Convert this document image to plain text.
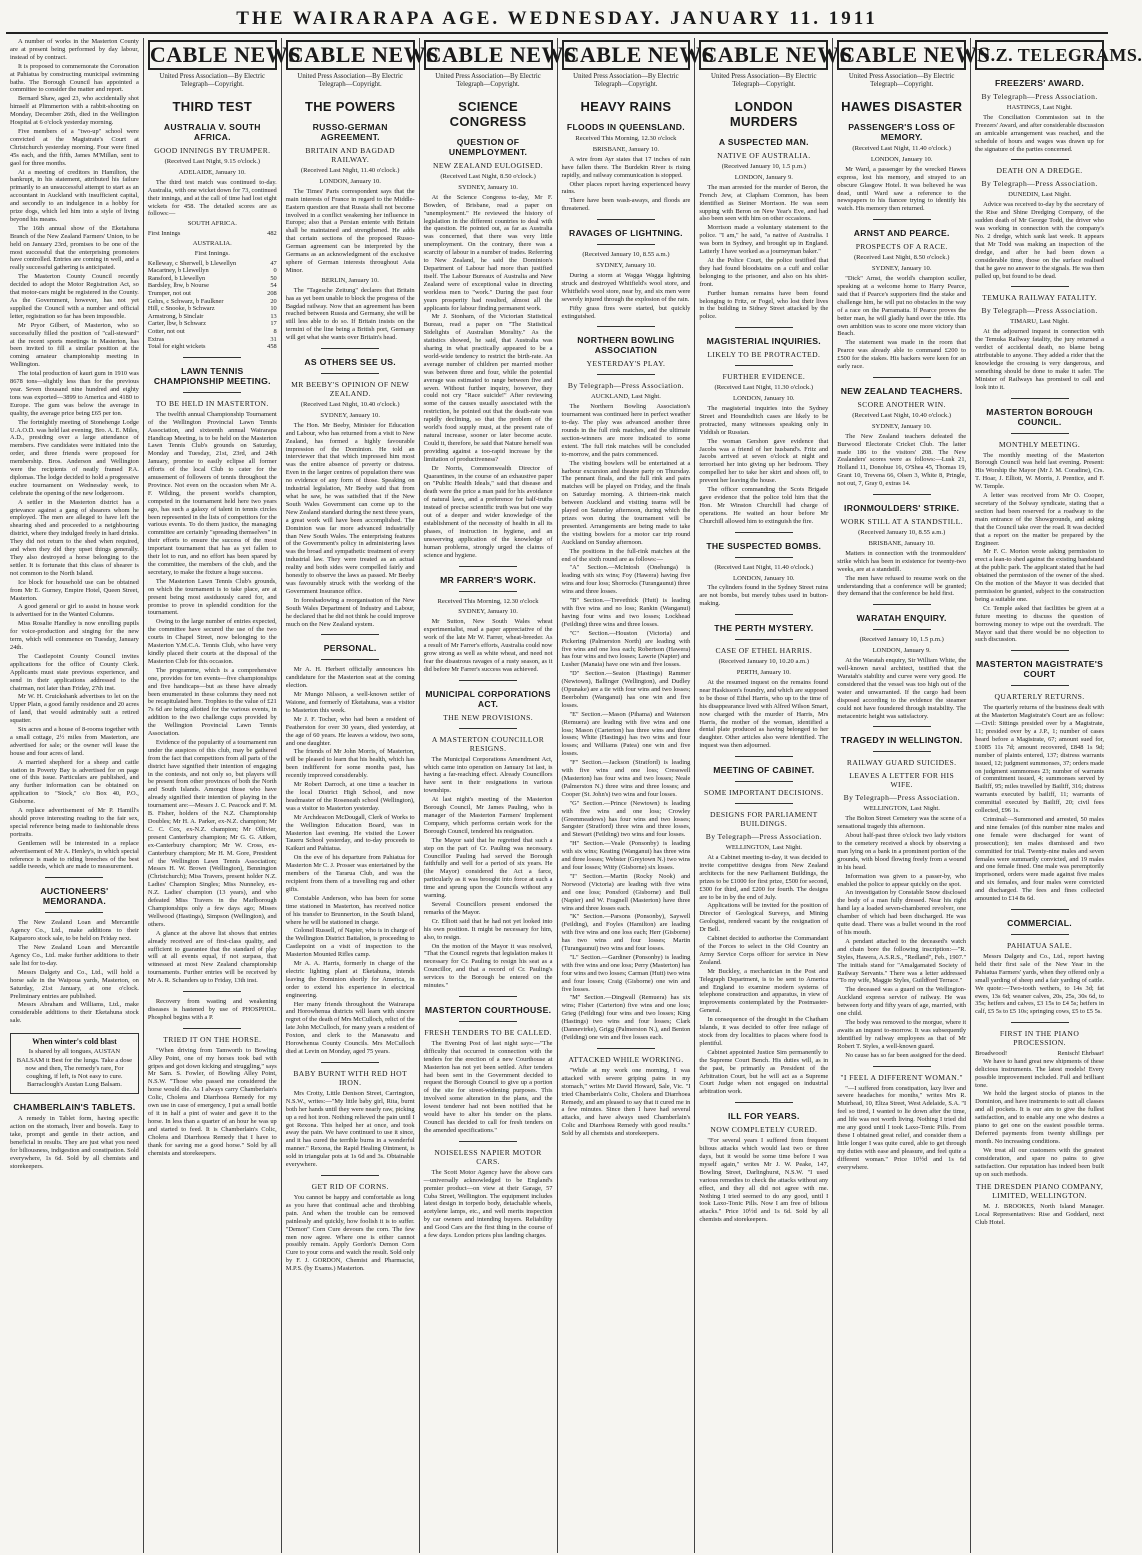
THE WAIRARAPA AGE. WEDNESDAY. JANUARY 11. 1911

A number of works in the Masterton County are at present being performed by day labour, instead of by contract.

It is proposed to commemorate the Coronation at Pahiatua by constructing municipal swimming baths. The Borough Council has appointed a committee to consider the matter and report.

Bernard Shaw, aged 23, who accidentally shot himself at Plimmerton with a rabbit-shooting on Monday, December 26th, died in the Wellington Hospital at 6 o'clock yesterday morning.

Five members of a "two-up" school were convicted at the Magistrate's Court at Christchurch yesterday morning. Four were fined 45s each, and the fifth, James M'Millan, sent to gaol for three months.

At a meeting of creditors in Hamilton, the bankrupt, in his statement, attributed his failure primarily to an unsuccessful attempt to start as an accountant in Auckland with insufficient capital, and secondly to an indulgence in a hobby for prize dogs, which led him into a style of living beyond his means.

The 16th annual show of the Eketahuna Branch of the New Zealand Farmers' Union, to be held on January 23rd, promises to be one of the most successful that the enterprising promoters have controlled. Entries are coming in well, and a really successful gathering is anticipated.

The Masterton County Council recently decided to adopt the Motor Registration Act, so that motor-cars might be registered in the County. As the Government, however, has not yet supplied the Council with a number and official letter, registration so far has been impossible.

Mr Pryor Gilbert, of Masterton, who so successfully filled the position of "call-steward" at the recent sports meetings in Masterton, has been invited to fill a similar position at the coming amateur championship meeting in Wellington.

The total production of kauri gum in 1910 was 8678 tons—slightly less than for the previous year. Seven thousand nine hundred and eighty tons was exported—3899 to America and 4180 to Europe. The gum was below the average in quality, the average price being £65 per ton.

The fortnightly meeting of Stonehenge Lodge U.A.O.D. was held last evening, Bro. A. E. Miles, A.D., presiding over a large attendance of members. Five candidates were initiated into the order, and three friends were proposed for membership. Bros. Anderson and Wellington were the recipients of neatly framed P.A. diplomas. The lodge decided to hold a progressive euchre tournament on Wednesday week, to celebrate the opening of the new lodgeroom.

A settler in the Masterton district has a grievance against a gang of shearers whom he employed. The men are alleged to have left the shearing shed and proceeded to a neighbouring district, where they indulged freely in hard drinks. They did not return to the shed when required, and when they did they upset things generally. They also destroyed a horse belonging to the settler. It is fortunate that this class of shearer is not common to the North Island.

Ice block for household use can be obtained from Mr E. Gurney, Empire Hotel, Queen Street, Masterton.

A good general or girl to assist in house work is advertised for in the Wanted Columns.

Miss Rosalie Handley is now enrolling pupils for voice-production and singing for the new term, which will commence on Tuesday, January 24th.

The Castlepoint County Council invites applications for the office of County Clerk. Applicants must state previous experience, and send in their applications addressed to the chairman, not later than Friday, 27th inst.

Mr W. H. Cruickshank advertises to let on the Upper Plain, a good family residence and 20 acres of land, that would admirably suit a retired squatter.

Six acres and a house of 8-rooms together with a small cottage, 2½ miles from Masterton, are advertised for sale; or the owner will lease the house and four acres of land.

A married shepherd for a sheep and cattle station in Poverty Bay is advertised for on page one of this issue. Particulars are published, and any further information can be obtained on application to "Stock," c/o Box 40, P.O., Gisborne.

A replace advertisement of Mr P. Hamill's should prove interesting reading to the fair sex, special reference being made to fashionable dress portraits.

Gentlemen will be interested in a replace advertisement of Mr A. Henley's, in which special reference is made to riding breeches of the best saddle tweeds, which are made to measurement.

AUCTIONEERS' MEMORANDA.

The New Zealand Loan and Mercantile Agency Co., Ltd., make additions to their Kaiparoro stock sale, to be held on Friday next.

The New Zealand Loan and Mercantile Agency Co., Ltd. make further additions to their sale list for to-day.

Messrs Dalgety and Co., Ltd., will hold a horse sale in the Waipoua yards, Masterton, on Saturday, 21st January, at one o'clock. Preliminary entries are published.

Messrs Abraham and Williams, Ltd., make considerable additions to their Eketahuna stock sale.

When winter's cold blast
Is shared by all tongues, AUSTAN BALSAM it Best for the lungs. Take a dose now and then, The remedy's rare, For coughing, if left, is Not easy to cure. Barraclough's Austan Lung Balsam.
CHAMBERLAIN'S TABLETS.

A remedy in Tablet form, having specific action on the stomach, liver and bowels. Easy to take, prompt and gentle in their action, and beneficial in results. They are just what you need for biliousness, indigestion and constipation. Sold everywhere, 1s 6d. Sold by all chemists and storekeepers.

CABLE NEWS
United Press Association—By Electric Telegraph—Copyright.
THIRD TEST
AUSTRALIA V. SOUTH AFRICA.
GOOD INNINGS BY TRUMPER.
(Received Last Night, 9.15 o'clock.)
ADELAIDE, January 10.

The third test match was continued to-day. Australia, with one wicket down for 73, continued their innings, and at the call of time had lost eight wickets for 458. The detailed scores are as follows:—

SOUTH AFRICA.
First Innings	482
AUSTRALIA.
First Innings.
Kelleway, c Sherwell, b Llewellyn	47
Macartney, b Llewellyn	0
Ransford, b Llewellyn	50
Bardsley, lbw, b Nourse	54
Trumper, not out	208
Gehrs, c Schwarz, b Faulkner	20
Hill, c Snooke, b Schwarz	10
Armstrong, b Sinclair	13
Carter, lbw, b Schwarz	17
Cotter, not out	8
Extras	31
Total for eight wickets	458
LAWN TENNIS CHAMPIONSHIP MEETING.
TO BE HELD IN MASTERTON.

The twelfth annual Championship Tournament of the Wellington Provincial Lawn Tennis Association, and sixteenth annual Wairarapa Handicap Meeting, is to be held on the Masterton Lawn Tennis Club's grounds on Saturday, Monday and Tuesday, 21st, 23rd, and 24th January, promise to easily eclipse all former efforts of the local Club to cater for the amusement of followers of tennis throughout the Province. Not even on the occasion when Mr A. F. Wilding, the present world's champion, competed in the tournament held here two years ago, has such a galaxy of talent in tennis circles been represented in the lists of competitors for the various events. To do them justice, the managing committee are certainly "spreading themselves" in their efforts to ensure the success of the most important tournament that has as yet fallen to their lot to run, and no effort has been spared by the committee, the members of the club, and the secretary, to make the fixture a huge success.

The Masterton Lawn Tennis Club's grounds, on which the tournament is to take place, are at present being most assiduously cared for, and promise to prove in splendid condition for the tournament.

Owing to the large number of entries expected, the committee have secured the use of the two courts in Chapel Street, now belonging to the Masterton Y.M.C.A. Tennis Club, who have very kindly placed their courts at the disposal of the Masterton Club for this occasion.

The programme, which is a comprehensive one, provides for ten events—five championships and five handicaps—but as these have already been enumerated in these columns they need not be recapitulated here. Trophies to the value of £21 7s 6d are being allotted for the various events, in addition to the two challenge cups provided by the Wellington Provincial Lawn Tennis Association.

Evidence of the popularity of a tournament run under the auspices of this club, may be gathered from the fact that competitors from all parts of the district have signified their intention of engaging in the contests, and not only so, but players will be present from other provinces of both the North and South Islands. Amongst those who have already signified their intention of playing in the tournament are:—Messrs J. C. Peacock and F. M. B. Fisher, holders of the N.Z. Championship Doubles; Mr H. A. Parker, ex-N.Z. champion; Mr C. C. Cox, ex-N.Z. champion; Mr Ollivier, present Canterbury champion; Mr G. G. Aitken, ex-Canterbury champion; Mr W. Cross, ex-Canterbury champion; Mr H. M. Gore, President of the Wellington Lawn Tennis Association; Messrs H. W. Brown (Wellington), Bennington (Christchurch); Miss Travers, present holder N.Z. Ladies' Champion Singles; Miss Nunneley, ex-N.Z. Ladies' champion (13 years), and who defeated Miss Travers in the Marlborough Championships only a few days ago; Misses Wellwood (Hastings), Simpson (Wellington), and others.

A glance at the above list shows that entries already received are of first-class quality, and sufficient to guarantee that the standard of play will at all events equal, if not surpass, that witnessed at most New Zealand championship tournaments. Further entries will be received by Mr A. R. Schanders up to Friday, 13th inst.

Recovery from wasting and weakening diseases is hastened by use of PHOSPHOL. Phosphol begins with a P.

TRIED IT ON THE HORSE.

"When driving from Tamworth to Bowling Alley Point, one of my horses took bad with gripes and got down kicking and struggling," says Mr Sam. S. Fowler, of Bowling Alley Point, N.S.W. "Those who passed me considered the horse would die. As I always carry Chamberlain's Colic, Cholera and Diarrhoea Remedy for my own use in case of emergency, I put a small bottle of it in half a pint of water and gave it to the horse. In less than a quarter of an hour he was up and started to feed. It is Chamberlain's Colic, Cholera and Diarrhoea Remedy that I have to thank for saving me a good horse." Sold by all chemists and storekeepers.

CABLE NEWS
United Press Association—By Electric Telegraph—Copyright.
THE POWERS
RUSSO-GERMAN AGREEMENT.
BRITAIN AND BAGDAD RAILWAY.
(Received Last Night, 11.40 o'clock.)
LONDON, January 10.

The Times' Paris correspondent says that the main interests of France in regard to the Middle-Eastern question are that Russia shall not become involved in a conflict weakening her influence in Europe; also that a Persian entente with Britain shall be maintained and strengthened. He adds that certain sections of the proposed Russo-German agreement can be interpreted by the Germans as an acknowledgment of the exclusive sphere of German interests throughout Asia Minor.

BERLIN, January 10.

The "Tagesche Zeitung" declares that Britain has as yet been unable to block the progress of the Bagdad railway. Now that an agreement has been reached between Russia and Germany, she will be still less able to do so. If Britain insists on the termini of the line being a British port, Germany will get what she wants over Britain's head.

AS OTHERS SEE US.
MR BEEBY'S OPINION OF NEW ZEALAND.
(Received Last Night, 10.40 o'clock.)
SYDNEY, January 10.

The Hon. Mr Beeby, Minister for Education and Labour, who has returned from a visit to New Zealand, has formed a highly favourable impression of the Dominion. He told an interviewer that that which impressed him most was the entire absence of poverty or distress. Even in the larger centres of population there was no evidence of any form of those. Speaking on industrial legislation, Mr Beeby said that from what he saw, he was satisfied that if the New South Wales Government can come up to the New Zealand standard during the next three years, a great work will have been accomplished. The Dominion was far more advanced industrially than New South Wales. The enterprising features of the Government's policy in administering laws was the broad and sympathetic treatment of every industrial law. They were treated as an actual reality and both sides were compelled fairly and honestly to observe the laws as passed. Mr Beeby was favourably struck with the working of the Government Insurance office.

In foreshadowing a reorganisation of the New South Wales Department of Industry and Labour, he declared that he did not think he could improve much on the New Zealand system.

PERSONAL.

Mr A. H. Herbert officially announces his candidature for the Masterton seat at the coming election.

Mr Mungo Nilsson, a well-known settler of Waione, and formerly of Eketahuna, was a visitor to Masterton this week.

Mr J. F. Tocher, who had been a resident of Featherston for over 30 years, died yesterday, at the age of 60 years. He leaves a widow, two sons, and one daughter.

The friends of Mr John Morris, of Masterton, will be pleased to learn that his health, which has been indifferent for some months past, has recently improved considerably.

Mr Robert Darroch, at one time a teacher in the local District High School, and now headmaster of the Roseneath school (Wellington), was a visitor to Masterton yesterday.

Mr Archdeacon McDougall, Clerk of Works to the Wellington Education Board, was in Masterton last evening. He visited the Lower Taueru School yesterday, and to-day proceeds to Kaikuri and Pahiatua.

On the eve of his departure from Pahiatua for Masterton Mr C. J. Prosser was entertained by the members of the Tararua Club, and was the recipient from them of a travelling rug and other gifts.

Constable Anderson, who has been for some time stationed in Masterton, has received notice of his transfer to Brunnerton, in the South Island, where he will be stationed in charge.

Colonel Russell, of Napier, who is in charge of the Wellington District Battalion, is proceeding to Castlepoint on a visit of inspection to the Masterton Mounted Rifles camp.

Mr A. A. Harris, formerly in charge of the electric lighting plant at Eketahuna, intends leaving the Dominion shortly for America, in order to extend his experience in electrical engineering.

Her many friends throughout the Wairarapa and Horowhenua districts will learn with sincere regret of the death of Mrs McCulloch, relict of the late John McCulloch, for many years a resident of Foxton, and clerk to the Manawatu and Horowhenua County Councils. Mrs McCulloch died at Levin on Monday, aged 75 years.

BABY BURNT WITH RED HOT IRON.

Mrs Crotty, Little Denison Street, Carrington, N.S.W., writes:—"My little baby girl, Rita, burnt both her hands until they were nearly raw, picking up a red hot iron. Nothing relieved the pain until I got Rexona. This helped her at once, and took away the pain. We have continued to use it since, and it has cured the terrible burns in a wonderful manner." Rexona, the Rapid Healing Ointment, is sold in triangular pots at 1s 6d and 3s. Obtainable everywhere.

GET RID OF CORNS.

You cannot be happy and comfortable as long as you have that continual ache and throbbing pain. And when the trouble can be removed painlessly and quickly, how foolish it is to suffer. "Demon" Corn Cure devours the corn. The few men now agree. Where one is either cannot possibly remain. Apply Gordon's Demon Corn Cure to your corns and watch the result. Sold only by F. J. GORDON, Chemist and Pharmacist, M.P.S. (by Exams.) Masterton.

CABLE NEWS
United Press Association—By Electric Telegraph—Copyright.
SCIENCE CONGRESS
QUESTION OF UNEMPLOYMENT.
NEW ZEALAND EULOGISED.
(Received Last Night, 8.50 o'clock.)
SYDNEY, January 10.

At the Science Congress to-day, Mr F. Bowden, of Brisbane, read a paper on "unemployment." He reviewed the history of legislation in the different countries to deal with the question. He pointed out, as far as Australia was concerned, that there was very little unemployment. On the contrary, there was a scarcity of labour in a number of trades. Referring to New Zealand, he said the Dominion's Department of Labour had more than justified itself. The Labour Bureaux of Australia and New Zealand were of exceptional value in directing workless men to "work." During the past four years prosperity had resulted, almost all the applicants for labour finding permanent work.

Mr J. Stonham, of the Victorian Statistical Bureau, read a paper on "The Statistical Sidelights of Australian Morality." As the statistics showed, he said, that Australia was sharing in what practically appeared to be a world-wide tendency to restrict the birth-rate. An average number of children per married mother was between three and four, while the potential average was estimated to range between five and seven. Without further inquiry, however, they could not cry "Race suicide!" After reviewing some of the causes usually associated with the restriction, he pointed out that the death-rate was rapidly declining, so that the problem of the world's food supply must, at the present rate of natural increase, sooner or later become acute. Could it, therefore, be said that Nature herself was providing against a too-rapid increase by the limitation of productiveness?

Dr Norris, Commonwealth Director of Quarantines, in the course of an exhaustive paper on "Public Health Ideals," said that disease and death were the price a man paid for his avoidance of natural laws, and a preference for half-truths instead of precise scientific truth was but one way out of a deeper and wider knowledge of the establishment of the necessity of health in all its phases, of instruction in hygiene, and an unswerving application of the knowledge of human problems, strongly urged the claims of science and hygiene.

MR FARRER'S WORK.
Received This Morning, 12.30 o'clock
SYDNEY, January 10.

Mr Sutton, New South Wales wheat experimentalist, read a paper appreciative of the work of the late Mr W. Farrer, wheat-breeder. As a result of Mr Farrer's efforts, Australia could now grow strong as well as white wheat, and need not fear the disastrous ravages of a rusty season, as it did before Mr Farrer's success was achieved.

MUNICIPAL CORPORATIONS ACT.
THE NEW PROVISIONS.
A MASTERTON COUNCILLOR RESIGNS.

The Municipal Corporations Amendment Act, which came into operation on January 1st last, is having a far-reaching effect. Already Councillors have sent in their resignations in various townships.

At last night's meeting of the Masterton Borough Council, Mr James Pauling, who is manager of the Masterton Farmers' Implement Company, which performs certain work for the Borough Council, tendered his resignation.

The Mayor said that he regretted that such a step on the part of Cr. Pauling was necessary. Councillor Pauling had served the Borough faithfully and well for a period of six years. He (the Mayor) considered the Act a farce, particularly as it was brought into force at such a time and sprung upon the Councils without any warning.

Several Councillors present endorsed the remarks of the Mayor.

Cr. Elliott said that he had not yet looked into his own position. It might be necessary for him, also, to resign.

On the motion of the Mayor it was resolved, "That the Council regrets that legislation makes it necessary for Cr. Pauling to resign his seat as a Councillor, and that a record of Cr. Pauling's services to the Borough be entered on the minutes."

MASTERTON COURTHOUSE.
FRESH TENDERS TO BE CALLED.

The Evening Post of last night says:—"The difficulty that occurred in connection with the tenders for the erection of a new Courthouse at Masterton has not yet been settled. After tenders had been sent in the Government decided to request the Borough Council to give up a portion of the site for street-widening purposes. This involved some alteration in the plans, and the lowest tenderer had not been notified that he would have to alter his tender on the plans. Council has decided to call for fresh tenders on the amended specifications."

NOISELESS NAPIER MOTOR CARS.

The Scott Motor Agency have the above cars—universally acknowledged to be England's premier product—on view at their Garage, 57 Cuba Street, Wellington. The equipment includes latest design in torpedo body, detachable wheels, acetylene lamps, etc., and well merits inspection by car owners and intending buyers. Reliability and Good Cars are the first thing in the course of a few days. London prices plus landing charges.

CABLE NEWS
United Press Association—By Electric Telegraph—Copyright.
HEAVY RAINS
FLOODS IN QUEENSLAND.
Received This Morning, 12.30 o'clock
BRISBANE, January 10.

A wire from Ayr states that 17 inches of rain have fallen there. The Burdekin River is rising rapidly, and railway communication is stopped.

Other places report having experienced heavy rains.

There have been wash-aways, and floods are threatened.

RAVAGES OF LIGHTNING.
(Received January 10, 8.55 a.m.)
SYDNEY, January 10.

During a storm at Wagga Wagga lightning struck and destroyed Whitfield's wool store, and Whitfield's wool store, near by, and six men were severely injured through the explosion of the rain.

Fifty grass fires were started, but quickly extinguished.

NORTHERN BOWLING ASSOCIATION
YESTERDAY'S PLAY.
By Telegraph—Press Association.
AUCKLAND, Last Night.

The Northern Bowling Association's tournament was continued here in perfect weather to-day. The play was advanced another three rounds in the full rink matches, and the ultimate section-winners are more indicated to some extent. The full rink matches will be concluded to-morrow, and the pairs commenced.

The visiting bowlers will be entertained at a harbour excursion and theatre party on Thursday. The pennant finals, and the full rink and pairs matches will be played on Friday, and the finals on Saturday morning. A thirteen-rink match between Auckland and visiting teams will be played on Saturday afternoon, during which the prizes won during the tournament will be presented. Arrangements are being made to take the visiting bowlers for a motor car trip round Auckland on Sunday afternoon.

The positions in the full-rink matches at the end of the sixth round are as follows:—

"A" Section.—McIntosh (Onehunga) is leading with six wins; Foy (Hawera) having five wins and four loss; Shorrocks (Turangaunui) three wins and three losses.

"B" Section.—Trevethick (Hutt) is leading with five wins and no loss; Rankin (Wanganui) having four wins and two losses; Lockhead (Feilding) three wins and three losses.

"C" Section.—Houston (Victoria) and Pickering (Palmerston North) are leading with five wins and one loss each; Robertson (Hawera) has four wins and two losses; Lawrie (Napier) and Lusher (Manaia) have one win and five losses.

"D" Section.—Seaton (Hastings) Rammer (Newtown), Ballinger (Wellington), and Dudley (Opunake) are a tie with four wins and two losses; Beerbohm (Wanganui) has one win and five losses.

"E" Section.—Mason (Pihama) and Waterson (Remuera) are leading with five wins and one loss; Mason (Carterton) has three wins and three losses; White (Hastings) has two wins and four losses; and Williams (Patea) one win and five losses.

"F" Section.—Jackson (Stratford) is leading with five wins and one loss; Cresswell (Masterton) has four wins and two losses; Neale (Palmerston N.) three wins and three losses; and Cooper (St. John's) two wins and four losses.

"G" Section.—Prince (Newtown) is leading with five wins and one loss; Crowley (Greenmeadows) has four wins and two losses; Sangster (Stratford) three wins and three losses, and Stewart (Feilding) two wins and four losses.

"H" Section.—Veale (Ponsonby) is leading with six wins; Keating (Wanganui) has three wins and three losses; Webster (Greytown N.) two wins and four losses; Witty (Gisborne) six losses.

"I" Section.—Martin (Rocky Nook) and Norwood (Victoria) are leading with five wins and one loss; Ponsford (Gisborne) and Bull (Napier) and W. Fragnell (Masterton) have three wins and three losses each.

"K" Section.—Parsons (Ponsonby), Saywell (Feilding), and Foyles (Hamilton) are leading with five wins and one loss each; Herr (Gisborne) has two wins and four losses; Martin (Turangaunui) two wins and four losses.

"L" Section.—Gardiner (Ponsonby) is leading with five wins and one loss; Perry (Masterton) has four wins and two losses; Carman (Hutt) two wins and four losses; Craig (Gisborne) one win and five losses.

"M" Section.—Dingwall (Remuera) has six wins; Fisher (Carterton) five wins and one loss; Grieg (Feilding) four wins and two losses; King (Hastings) two wins and four losses; Clark (Dannevirke), Grigg (Palmerston N.), and Benton (Feilding) one win and five losses each.

ATTACKED WHILE WORKING.

"While at my work one morning, I was attacked with severe griping pains in my stomach," writes Mr David Howard, Sale, Vic. "I tried Chamberlain's Colic, Cholera and Diarrhoea Remedy, and am pleased to say that it cured me in a few minutes. Since then I have had several attacks, and have always used Chamberlain's Colic and Diarrhoea Remedy with good results." Sold by all chemists and storekeepers.

CABLE NEWS
United Press Association—By Electric Telegraph—Copyright.
LONDON MURDERS
A SUSPECTED MAN.
NATIVE OF AUSTRALIA.
(Received January 10, 1.5 p.m.)
LONDON, January 9.

The man arrested for the murder of Beron, the French Jew, at Clapham Common, has been identified as Steiner Morrison. He was seen supping with Beron on New Year's Eve, and had also been seen with him on other occasions.

Morrison made a voluntary statement to the police. "I am," he said, "a native of Australia. I was born in Sydney, and brought up in England. Latterly I have worked as a journeyman baker."

At the Police Court, the police testified that they had found bloodstains on a cuff and collar belonging to the prisoner, and also on his shirt-front.

Further human remains have been found belonging to Fritz, or Fogel, who lost their lives in the building in Sidney Street attacked by the police.

MAGISTERIAL INQUIRIES.
LIKELY TO BE PROTRACTED.
FURTHER EVIDENCE.
(Received Last Night, 11.30 o'clock.)
LONDON, January 10.

The magisterial inquiries into the Sydney Street and Houndsditch cases are likely to be protracted, many witnesses speaking only in Yiddish or Russian.

The woman Gershon gave evidence that Jacobs was a friend of her husband's. Fritz and Jacobs arrived at seven o'clock at night and terrorised her into giving up her bedroom. They compelled her to take her skirt and shoes off, to prevent her leaving the house.

The officer commanding the Scots Brigade gave evidence that the police told him that the Hon. Mr Winston Churchill had charge of operations. He waited an hour before Mr Churchill allowed him to extinguish the fire.

THE SUSPECTED BOMBS.
(Received Last Night, 11.40 o'clock.)
LONDON, January 10.

The cylinders found in the Sydney Street ruins are not bombs, but merely tubes used in button-making.

THE PERTH MYSTERY.
CASE OF ETHEL HARRIS.
(Received January 10, 10.20 a.m.)
PERTH, January 10.

At the resumed inquest on the remains found near Haskisson's foundry, and which are supposed to be those of Ethel Harris, who up to the time of his disappearance lived with Alfred Wilson Smart, now charged with the murder of Harris, Mrs Harris, the mother of the woman, identified a dental plate produced as having belonged to her daughter. Other articles also were identified. The inquest was then adjourned.

MEETING OF CABINET.
SOME IMPORTANT DECISIONS.
DESIGNS FOR PARLIAMENT BUILDINGS.
By Telegraph—Press Association.
WELLINGTON, Last Night.

At a Cabinet meeting to-day, it was decided to invite competitive designs from New Zealand architects for the new Parliament Buildings, the prizes to be £1000 for first prize, £500 for second, £300 for third, and £200 for fourth. The designs are to be in by the end of July.

Applications will be invited for the position of Director of Geological Surveys, and Mining Geologist, rendered vacant by the resignation of Dr Bell.

Cabinet decided to authorise the Commandant of the Forces to select in the Old Country an Army Service Corps officer for service in New Zealand.

Mr Buckley, a mechanician in the Post and Telegraph Department, is to be sent to America and England to examine modern systems of telephone construction and apparatus, in view of improvements contemplated by the Postmaster-General.

In consequence of the drought in the Chatham Islands, it was decided to offer free railage of stock from dry localities to places where food is plentiful.

Cabinet appointed Justice Sim permanently to the Supreme Court Bench. His duties will, as in the past, be primarily as President of the Arbitration Court, but he will act as a Supreme Court Judge when not engaged on industrial arbitration work.

ILL FOR YEARS.
NOW COMPLETELY CURED.

"For several years I suffered from frequent bilious attacks which would last two or three days, but it would be some time before I was myself again," writes Mr J. W. Peake, 147, Bowling Street, Darlinghurst, N.S.W. "I used various remedies to check the attacks without any effect, and they all did not agree with me. Nothing I tried seemed to do any good, until I took Laxo-Tonic Pills. Now I am free of bilious attacks." Price 10½d and 1s 6d. Sold by all chemists and storekeepers.

CABLE NEWS
United Press Association—By Electric Telegraph—Copyright.
HAWES DISASTER
PASSENGER'S LOSS OF MEMORY.
(Received Last Night, 11.40 o'clock.)
LONDON, January 10.

Mr Ward, a passenger by the wrecked Hawes express, lost his memory, and strayed to an obscure Glasgow Hotel. It was believed he was dead, until Ward saw a reference to the newspapers to his fiancee trying to identify his watch. His memory then returned.

ARNST AND PEARCE.
PROSPECTS OF A RACE.
(Received Last Night, 8.50 o'clock.)
SYDNEY, January 10.

"Dick" Arnst, the world's champion sculler, speaking at a welcome home to Harry Pearce, said that if Pearce's supporters find the stake and challenge him, he will put no obstacles in the way of a race on the Parramatta. If Pearce proves the better man, he will gladly hand over the title. His own ambition was to score one more victory than Beach.

The statement was made in the room that Pearce was already able to command £200 to £500 for the stakes. His backers were keen for an early race.

NEW ZEALAND TEACHERS.
SCORE ANOTHER WIN.
(Received Last Night, 10.40 o'clock.)
SYDNEY, January 10.

The New Zealand teachers defeated the Burwood Electorate Cricket Club. The latter made 186 to the visitors' 208. The New Zealanders' scores were as follows:—Lusk 21, Holland 11, Donohue 16, O'Shea 45, Thomas 19, Grant 10, Trevena 66, Olsen 3, White 8, Pringle, not out, 7, Gray 0, extras 14.

IRONMOULDERS' STRIKE.
WORK STILL AT A STANDSTILL.
(Received January 10, 8.55 a.m.)
BRISBANE, January 10.

Matters in connection with the ironmoulders' strike which has been in existence for twenty-two weeks, are at a standstill.

The men have refused to resume work on the understanding that a conference will be granted; they demand that the conference be held first.

WARATAH ENQUIRY.
(Received January 10, 1.5 p.m.)
LONDON, January 9.

At the Waratah enquiry, Sir William White, the well-known naval architect, testified that the Waratah's stability and curve were very good. He considered that the vessel was too high out of the water and unwarranted. If the cargo had been disposed according to the evidence the steamer could not have foundered through instability. The metacentric height was satisfactory.

TRAGEDY IN WELLINGTON.
RAILWAY GUARD SUICIDES.
LEAVES A LETTER FOR HIS WIFE.
By Telegraph—Press Association.
WELLINGTON, Last Night.

The Bolton Street Cemetery was the scene of a sensational tragedy this afternoon.

About half-past three o'clock two lady visitors to the cemetery received a shock by observing a man lying on a bank in a prominent portion of the grounds, with blood flowing freely from a wound in his head.

Information was given to a passer-by, who enabled the police to appear quickly on the spot.

An investigation by Constable Snow disclosed the body of a man fully dressed. Near his right hand lay a loaded seven-chambered revolver, one chamber of which had been discharged. He was quite dead. There was a bullet wound in the roof of his mouth.

A pendant attached to the deceased's watch and chain bore the following inscription:—"R. Styles, Hawera, A.S.R.S., "Redland", Feb., 1907." The initials stand for "Amalgamated Society of Railway Servants." There was a letter addressed "To my wife, Maggie Styles, Guildford Terrace."

The deceased was a guard on the Wellington-Auckland express service of railway. He was between forty and fifty years of age, married, with one child.

The body was removed to the morgue, where it awaits an inquest to-morrow. It was subsequently identified by railway employees as that of Mr Robert T. Styles, a well-known guard.

No cause has so far been assigned for the deed.

"I FEEL A DIFFERENT WOMAN."

"—I suffered from constipation, lazy liver and severe headaches for months," writes Mrs R. Muirhead, 10, Eliza Street, West Adelaide, S.A. "I feel so tired, I wanted to lie down after the time, and life was not worth living. Nothing I tried did me any good until I took Laxo-Tonic Pills. From these I obtained great relief, and consider them a little longer I was quite cured, able to get through my duties with ease and pleasure, and feel quite a different woman." Price 10½d and 1s 6d everywhere.

N.Z. TELEGRAMS.
FREEZERS' AWARD.
By Telegraph—Press Association.
HASTINGS, Last Night.

The Conciliation Commission sat in the Freezers' Award, and after considerable discussion an amicable arrangement was reached, and the schedule of hours and wages was drawn up for the signature of the parties concerned.

DEATH ON A DREDGE.
By Telegraph—Press Association.
DUNEDIN, Last Night.

Advice was received to-day by the secretary of the Rise and Shine Dredging Company, of the sudden death of Mr George Todd, the driver who was working in connection with the company's No. 2 dredge, which sank last week. It appears that Mr Todd was making an inspection of the dredge, and after he had been down a considerable time, those on the surface realised that he gave no answer to the signals. He was then pulled up, but found to be dead.

TEMUKA RAILWAY FATALITY.
By Telegraph—Press Association.
TIMARU, Last Night.

At the adjourned inquest in connection with the Temuka Railway fatality, the jury returned a verdict of accidental death, no blame being attributable to anyone. They added a rider that the knowledge the crossing is very dangerous, and something should be done to make it safer. The Minister of Railways has promised to call and look into it.

MASTERTON BOROUGH COUNCIL.
MONTHLY MEETING.

The monthly meeting of the Masterton Borough Council was held last evening. Present: His Worship the Mayor (Mr J. M. Coradine), Crs. T. Hoar, J. Elliott, W. Morris, J. Prentice, and F. W. Temple.

A letter was received from Mr O. Cooper, secretary of the Solway syndicate, stating that a section had been reserved for a roadway to the main entrance of the Showgrounds, and asking that the Council take over the road. It was decided that a report on the matter be prepared by the Engineer.

Mr F. C. Morton wrote asking permission to erect a lean-to shed against the existing bandstand at the public park. The applicant stated that he had obtained the permission of the owner of the shed. On the motion of the Mayor it was decided that permission be granted, subject to the construction being a suitable one.

Cr. Temple asked that facilities be given at a future meeting to discuss the question of borrowing money to wipe out the overdraft. The Mayor said that there would be no objection to such discussion.

MASTERTON MAGISTRATE'S COURT
QUARTERLY RETURNS.

The quarterly returns of the business dealt with at the Masterton Magistrate's Court are as follow:—Civil: Sittings presided over by a Magistrate, 11; presided over by a J.P., 1; number of cases heard before a Magistrate, 67; amount sued for, £1085 11s 7d; amount recovered, £848 1s 9d; number of plaints entered, 137; distress warrants issued, 12; judgment summonses, 37; orders made on judgment summonses 23; number of warrants of commitment issued, 4; summonses served by Bailiff, 95; miles travelled by Bailiff, 316; distress warrants executed by bailiff, 11; warrants of committal executed by Bailiff, 20; civil fees collected, £96 1s.

Criminal:—Summoned and arrested, 50 males and nine females (of this number nine males and one female were discharged for want of prosecution); ten males dismissed and two committed for trial. Twenty-nine males and seven females were summarily convicted, and 19 males and one female fined. One male was peremptorily imprisoned, orders were made against five males and six females, and four males were convicted and discharged. The fees and fines collected amounted to £14 8s 6d.

COMMERCIAL.
PAHIATUA SALE.

Messrs Dalgety and Co., Ltd., report having held their first sale of the New Year in the Pahiatua Farmers' yards, when they offered only a small yarding of sheep and a fair yarding of cattle. We quote:—Two-tooth wethers, to 14s 3d; fat ewes, 13s 6d; weaner calves, 20s, 25s, 30s 6d, to 35s; heifers and calves, £3 15s to £4 5s; heifers in calf, £5 5s to £5 10s; springing cows, £5 to £5 5s.

FIRST IN THE PIANO PROCESSION.
Broadwood!	Renisch! Ehrbaar!

We have to hand great new shipments of these delicious instruments. The latest models! Every possible improvement included. Full and brilliant tone.

We hold the largest stocks of pianos in the Dominion, and have instruments to suit all classes and all pockets. It is our aim to give the fullest satisfaction, and to enable any one who desires a piano to get one on the easiest possible terms. Deferred payments from twenty shillings per month. No increasing conditions.

We treat all our customers with the greatest consideration, and spare no pains to give satisfaction. Our reputation has indeed been built up on such methods.

THE DRESDEN PIANO COMPANY, LIMITED, WELLINGTON.

M. J. BROOKES, North Island Manager. Local Representatives: Rise and Goddard, next Club Hotel.
